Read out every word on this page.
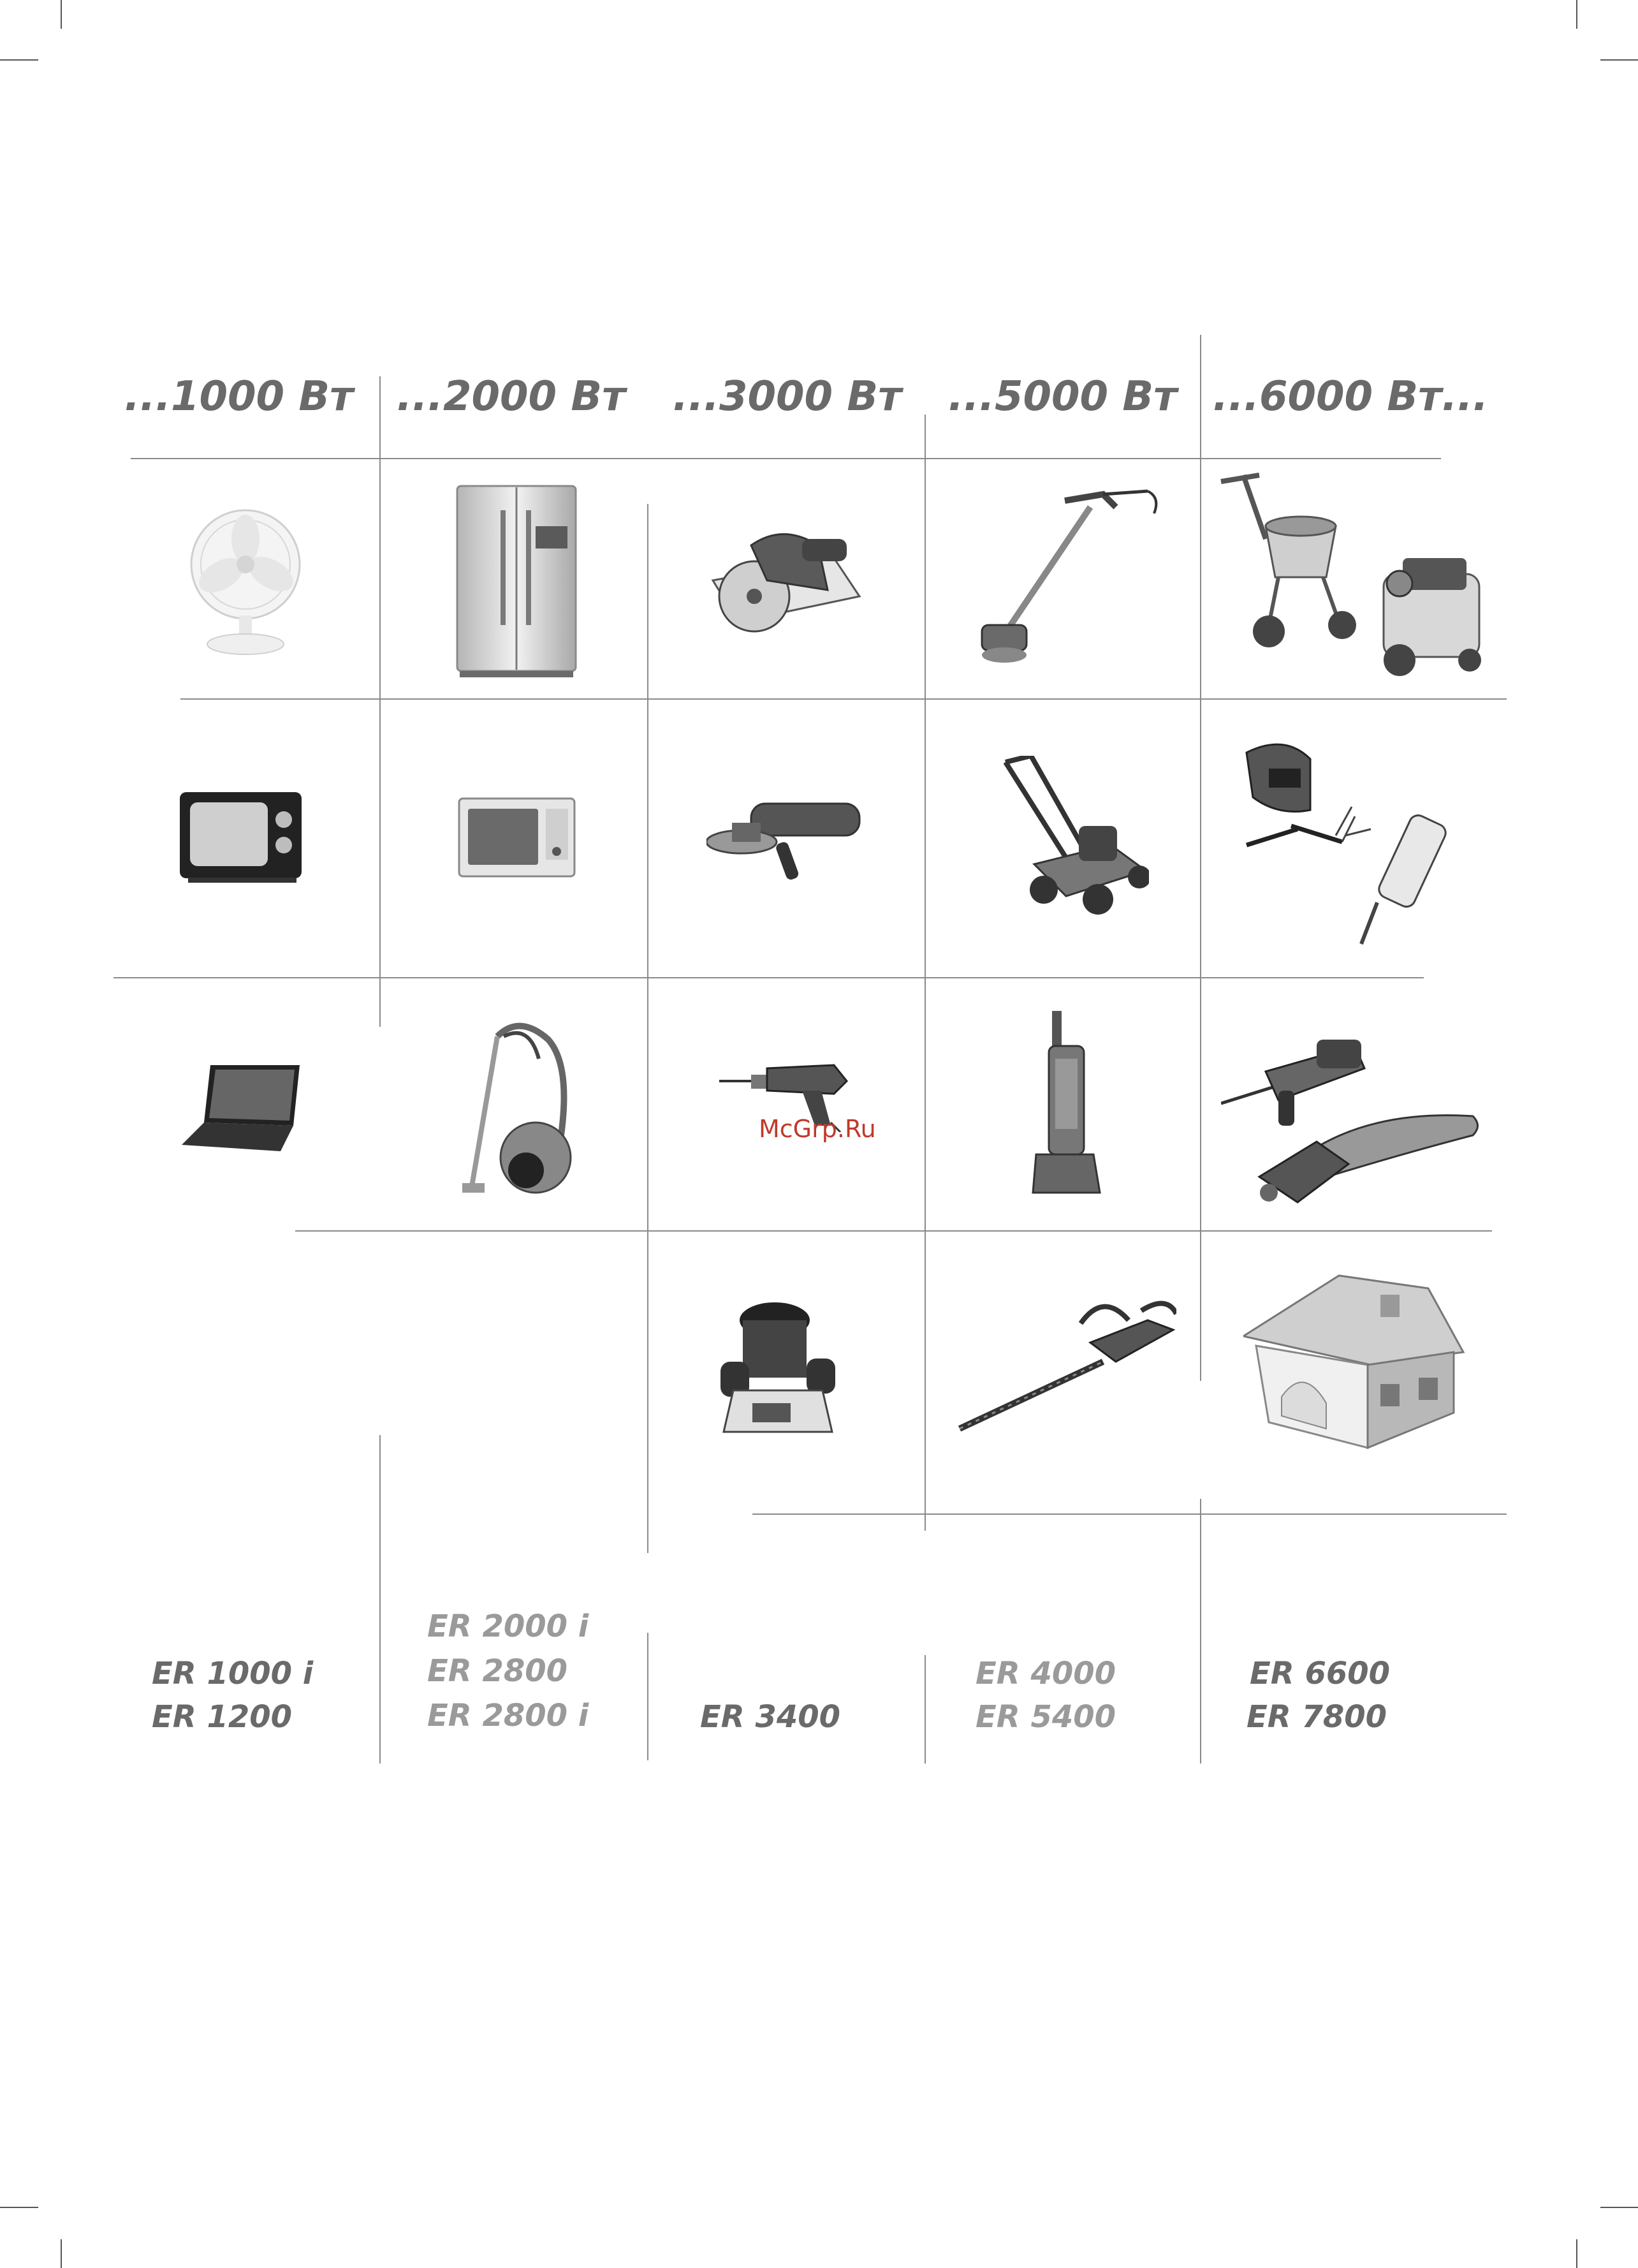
...1000 Вт ...2000 Вт ...3000 Вт ...5000 Вт ...6000 Вт...
McGrp.Ru
ER 1000 i
ER 1200
ER 2000 i
ER 2800
ER 2800 i	ER 3400
ER 4000
ER 5400
ER 6600
ER 7800
